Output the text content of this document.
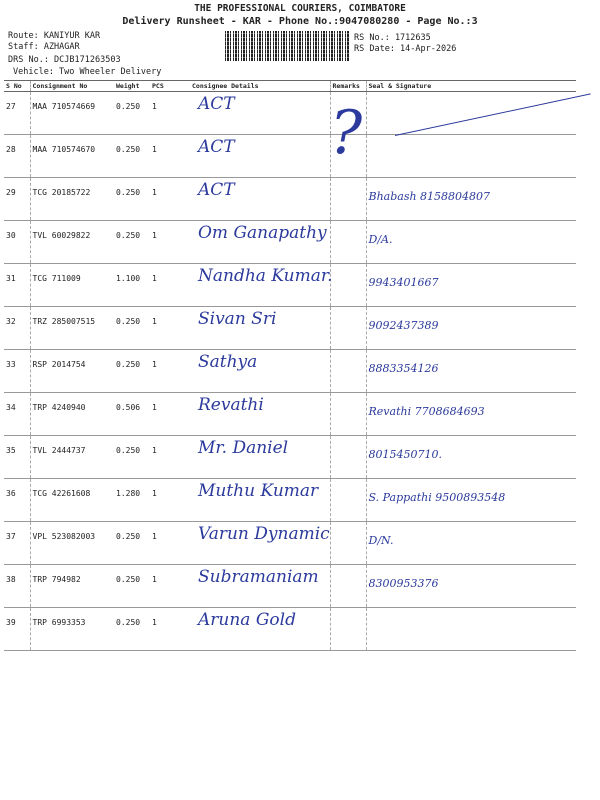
THE PROFESSIONAL COURIERS, COIMBATORE
Delivery Runsheet - KAR - Phone No.:9047080280 - Page No.:3
Route: KANIYUR KAR
Staff: AZHAGAR
DRS No.: DCJB171263503
Vehicle: Two Wheeler Delivery
RS No.: 1712635
RS Date: 14-Apr-2026
S No	Consignment No	Weight	PCS	Consignee Details	Remarks	Seal & Signature
27	MAA 710574669	0.250	1	ACT		
28	MAA 710574670	0.250	1	ACT		
29	TCG 20185722	0.250	1	ACT		Bhabash 8158804807
30	TVL 60029822	0.250	1	Om Ganapathy		D/A.
31	TCG 711009	1.100	1	Nandha Kumar.		9943401667
32	TRZ 285007515	0.250	1	Sivan Sri		9092437389
33	RSP 2014754	0.250	1	Sathya		8883354126
34	TRP 4240940	0.506	1	Revathi		Revathi 7708684693
35	TVL 2444737	0.250	1	Mr. Daniel		8015450710.
36	TCG 42261608	1.280	1	Muthu Kumar		S. Pappathi 9500893548
37	VPL 523082003	0.250	1	Varun Dynamic		D/N.
38	TRP 794982	0.250	1	Subramaniam		8300953376
39	TRP 6993353	0.250	1	Aruna Gold		
?
